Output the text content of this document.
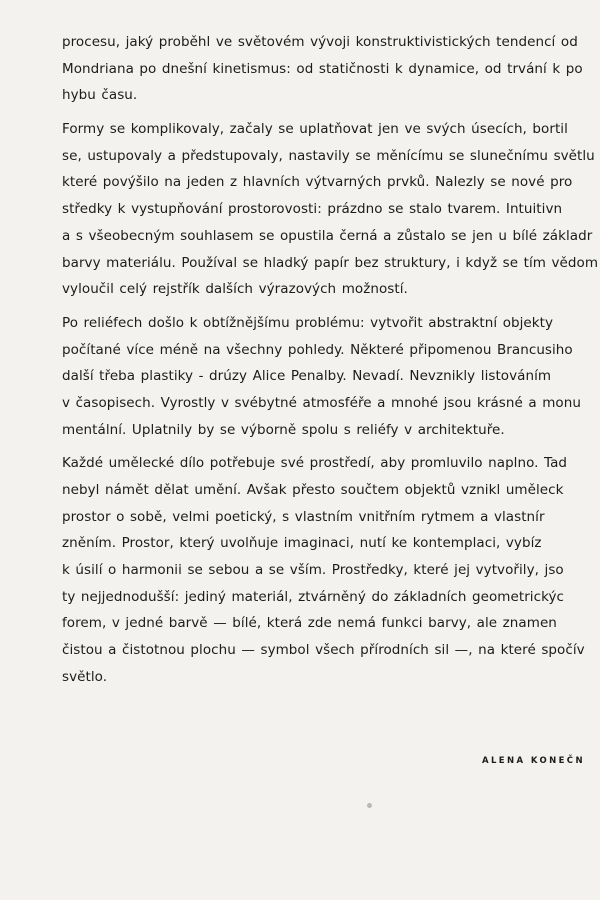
procesu, jaký proběhl ve světovém vývoji konstruktivistických tendencí od
Mondriana po dnešní kinetismus: od statičnosti k dynamice, od trvání k po
hybu času.
Formy se komplikovaly, začaly se uplatňovat jen ve svých úsecích, bortil
se, ustupovaly a předstupovaly, nastavily se měnícímu se slunečnímu světlu
které povýšilo na jeden z hlavních výtvarných prvků. Nalezly se nové pro
středky k vystupňování prostorovosti: prázdno se stalo tvarem. Intuitivn
a s všeobecným souhlasem se opustila černá a zůstalo se jen u bílé základr
barvy materiálu. Používal se hladký papír bez struktury, i když se tím vědom
vyloučil celý rejstřík dalších výrazových možností.
Po reliéfech došlo k obtížnějšímu problému: vytvořit abstraktní objekty
počítané více méně na všechny pohledy. Některé připomenou Brancusiho
další třeba plastiky - drúzy Alice Penalby. Nevadí. Nevznikly listováním
v časopisech. Vyrostly v svébytné atmosféře a mnohé jsou krásné a monu
mentální. Uplatnily by se výborně spolu s reliéfy v architektuře.
Každé umělecké dílo potřebuje své prostředí, aby promluvilo naplno. Tad
nebyl námět dělat umění. Avšak přesto součtem objektů vznikl uměleck
prostor o sobě, velmi poetický, s vlastním vnitřním rytmem a vlastnír
zněním. Prostor, který uvolňuje imaginaci, nutí ke kontemplaci, vybíz
k úsilí o harmonii se sebou a se vším. Prostředky, které jej vytvořily, jso
ty nejjednodušší: jediný materiál, ztvárněný do základních geometrickýc
forem, v jedné barvě — bílé, která zde nemá funkci barvy, ale znamen
čistou a čistotnou plochu — symbol všech přírodních sil —, na které spočív
světlo.
ALENA KONEČN
